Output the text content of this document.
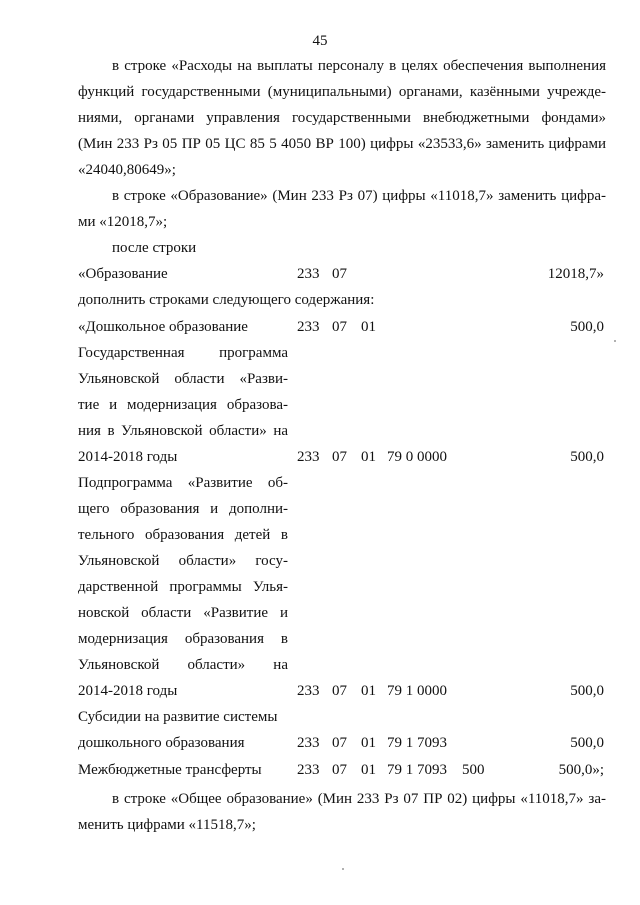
45
в строке «Расходы на выплаты персоналу в целях обеспечения выполнения
функций государственными (муниципальными) органами, казёнными учрежде-
ниями, органами управления государственными внебюджетными фондами»
(Мин 233 Рз 05 ПР 05 ЦС 85 5 4050 ВР 100) цифры «23533,6» заменить цифрами
«24040,80649»;
в строке «Образование» (Мин 233 Рз 07) цифры «11018,7» заменить цифра-
ми «12018,7»;
после строки
«Образование	233 07	12018,7»
дополнить строками следующего содержания:
«Дошкольное образование	233 07 01	500,0
Государственная программа
Ульяновской области «Разви-
тие и модернизация образова-
ния в Ульяновской области» на
2014-2018 годы	233 07 01 79 0 0000	500,0
Подпрограмма «Развитие об-
щего образования и дополни-
тельного образования детей в
Ульяновской области» госу-
дарственной программы Улья-
новской области «Развитие и
модернизация образования в
Ульяновской области» на
2014-2018 годы	233 07 01 79 1 0000	500,0
Субсидии на развитие системы
дошкольного образования	233 07 01 79 1 7093	500,0
Межбюджетные трансферты	233 07 01 79 1 7093 500	500,0»;
в строке «Общее образование» (Мин 233 Рз 07 ПР 02) цифры «11018,7» за-
менить цифрами «11518,7»;
